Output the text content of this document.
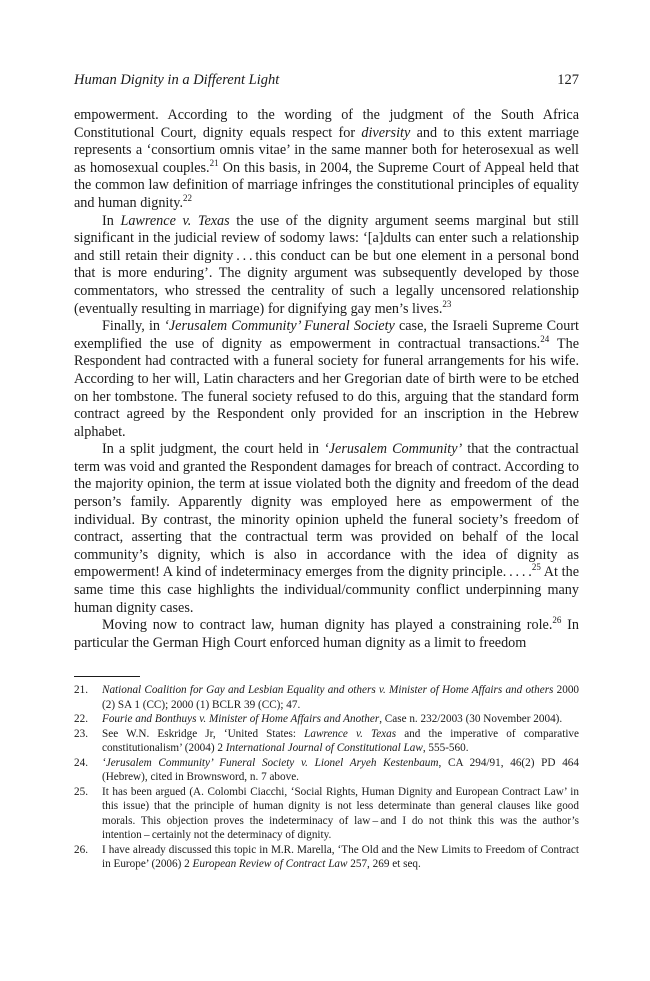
Human Dignity in a Different Light	127

empowerment. According to the wording of the judgment of the South Africa Constitutional Court, dignity equals respect for diversity and to this extent marriage represents a ‘consortium omnis vitae’ in the same manner both for heterosexual as well as homosexual couples.$^{21}$ On this basis, in 2004, the Supreme Court of Appeal held that the common law definition of marriage infringes the constitutional principles of equality and human dignity.$^{22}$

In Lawrence v. Texas the use of the dignity argument seems marginal but still significant in the judicial review of sodomy laws: ‘[a]dults can enter such a relationship and still retain their dignity . . . this conduct can be but one element in a personal bond that is more enduring’. The dignity argument was subsequently developed by those commentators, who stressed the centrality of such a legally uncensored relationship (eventually resulting in marriage) for dignifying gay men’s lives.$^{23}$

Finally, in ‘Jerusalem Community’ Funeral Society case, the Israeli Supreme Court exemplified the use of dignity as empowerment in contractual transactions.$^{24}$ The Respondent had contracted with a funeral society for funeral arrangements for his wife. According to her will, Latin characters and her Gregorian date of birth were to be etched on her tombstone. The funeral society refused to do this, arguing that the standard form contract agreed by the Respondent only provided for an inscription in the Hebrew alphabet.

In a split judgment, the court held in ‘Jerusalem Community’ that the contractual term was void and granted the Respondent damages for breach of contract. According to the majority opinion, the term at issue violated both the dignity and freedom of the dead person’s family. Apparently dignity was employed here as empowerment of the individual. By contrast, the minority opinion upheld the funeral society’s freedom of contract, asserting that the contractual term was provided on behalf of the local community’s dignity, which is also in accordance with the idea of dignity as empowerment! A kind of indeterminacy emerges from the dignity principle. . . . .$^{25}$ At the same time this case highlights the individual/community conflict underpinning many human dignity cases.

Moving now to contract law, human dignity has played a constraining role.$^{26}$ In particular the German High Court enforced human dignity as a limit to freedom

21. National Coalition for Gay and Lesbian Equality and others v. Minister of Home Affairs and others 2000 (2) SA 1 (CC); 2000 (1) BCLR 39 (CC); 47.
22. Fourie and Bonthuys v. Minister of Home Affairs and Another, Case n. 232/2003 (30 November 2004).
23. See W.N. Eskridge Jr, ‘United States: Lawrence v. Texas and the imperative of comparative constitutionalism’ (2004) 2 International Journal of Constitutional Law, 555-560.
24. ‘Jerusalem Community’ Funeral Society v. Lionel Aryeh Kestenbaum, CA 294/91, 46(2) PD 464 (Hebrew), cited in Brownsword, n. 7 above.
25. It has been argued (A. Colombi Ciacchi, ‘Social Rights, Human Dignity and European Contract Law’ in this issue) that the principle of human dignity is not less determinate than general clauses like good morals. This objection proves the indeterminacy of law – and I do not think this was the author’s intention – certainly not the determinacy of dignity.
26. I have already discussed this topic in M.R. Marella, ‘The Old and the New Limits to Freedom of Contract in Europe’ (2006) 2 European Review of Contract Law 257, 269 et seq.
